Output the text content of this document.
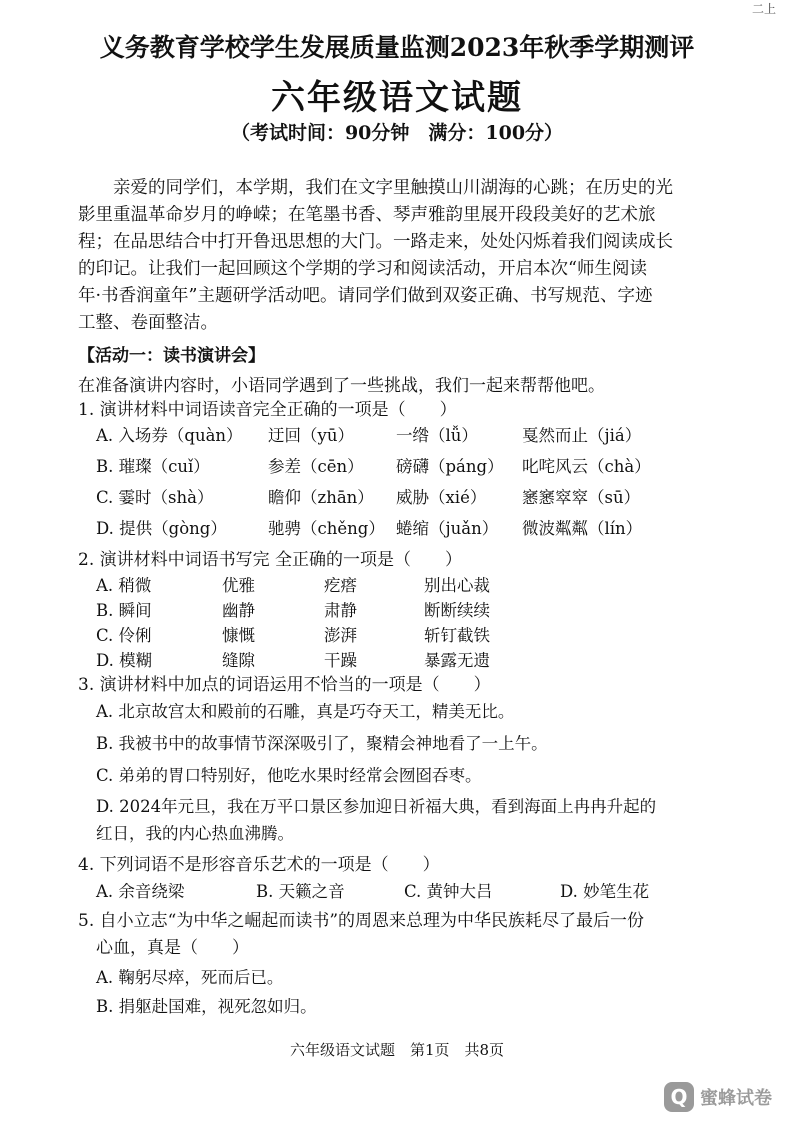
二上
义务教育学校学生发展质量监测2023年秋季学期测评
六年级语文试题
（考试时间：90分钟　满分：100分）
　　亲爱的同学们，本学期，我们在文字里触摸山川湖海的心跳；在历史的光
影里重温革命岁月的峥嵘；在笔墨书香、琴声雅韵里展开段段美好的艺术旅
程；在品思结合中打开鲁迅思想的大门。一路走来，处处闪烁着我们阅读成长
的印记。让我们一起回顾这个学期的学习和阅读活动，开启本次“师生阅读
年·书香润童年”主题研学活动吧。请同学们做到双姿正确、书写规范、字迹
工整、卷面整洁。
【活动一：读书演讲会】
在准备演讲内容时，小语同学遇到了一些挑战，我们一起来帮帮他吧。
1. 演讲材料中词语读音完全正确的一项是（　　）
A. 入场券（quàn） 迂回（yū）	一绺（lǚ）	戛然而止（jiá）
B. 璀璨（cuǐ）	参差（cēn） 磅礴（páng） 叱咤风云（chà）
C. 霎时（shà）	瞻仰（zhān） 威胁（xié） 窸窸窣窣（sū）
D. 提供（gòng） 驰骋（chěng） 蜷缩（juǎn） 微波粼粼（lín）
2. 演讲材料中词语书写完 全正确的一项是（　　）
A. 稍微	优雅	疙瘩	别出心裁
B. 瞬间	幽静	肃静	断断续续
C. 伶俐	慷慨	澎湃	斩钉截铁
D. 模糊	缝隙	干躁	暴露无遗
3. 演讲材料中加点的词语运用不恰当的一项是（　　）
A. 北京故宫太和殿前的石雕，真是巧夺天工，精美无比。
B. 我被书中的故事情节深深吸引了，聚精会神地看了一上午。
C. 弟弟的胃口特别好，他吃水果时经常会囫囵吞枣。
D. 2024年元旦，我在万平口景区参加迎日祈福大典，看到海面上冉冉升起的
红日，我的内心热血沸腾。
4. 下列词语不是形容音乐艺术的一项是（　　）
A. 余音绕梁	B. 天籁之音	C. 黄钟大吕	D. 妙笔生花
5. 自小立志“为中华之崛起而读书”的周恩来总理为中华民族耗尽了最后一份
心血，真是（　　）
A. 鞠躬尽瘁，死而后已。
B. 捐躯赴国难，视死忽如归。
六年级语文试题　第1页　共8页
Q 蜜蜂试卷
